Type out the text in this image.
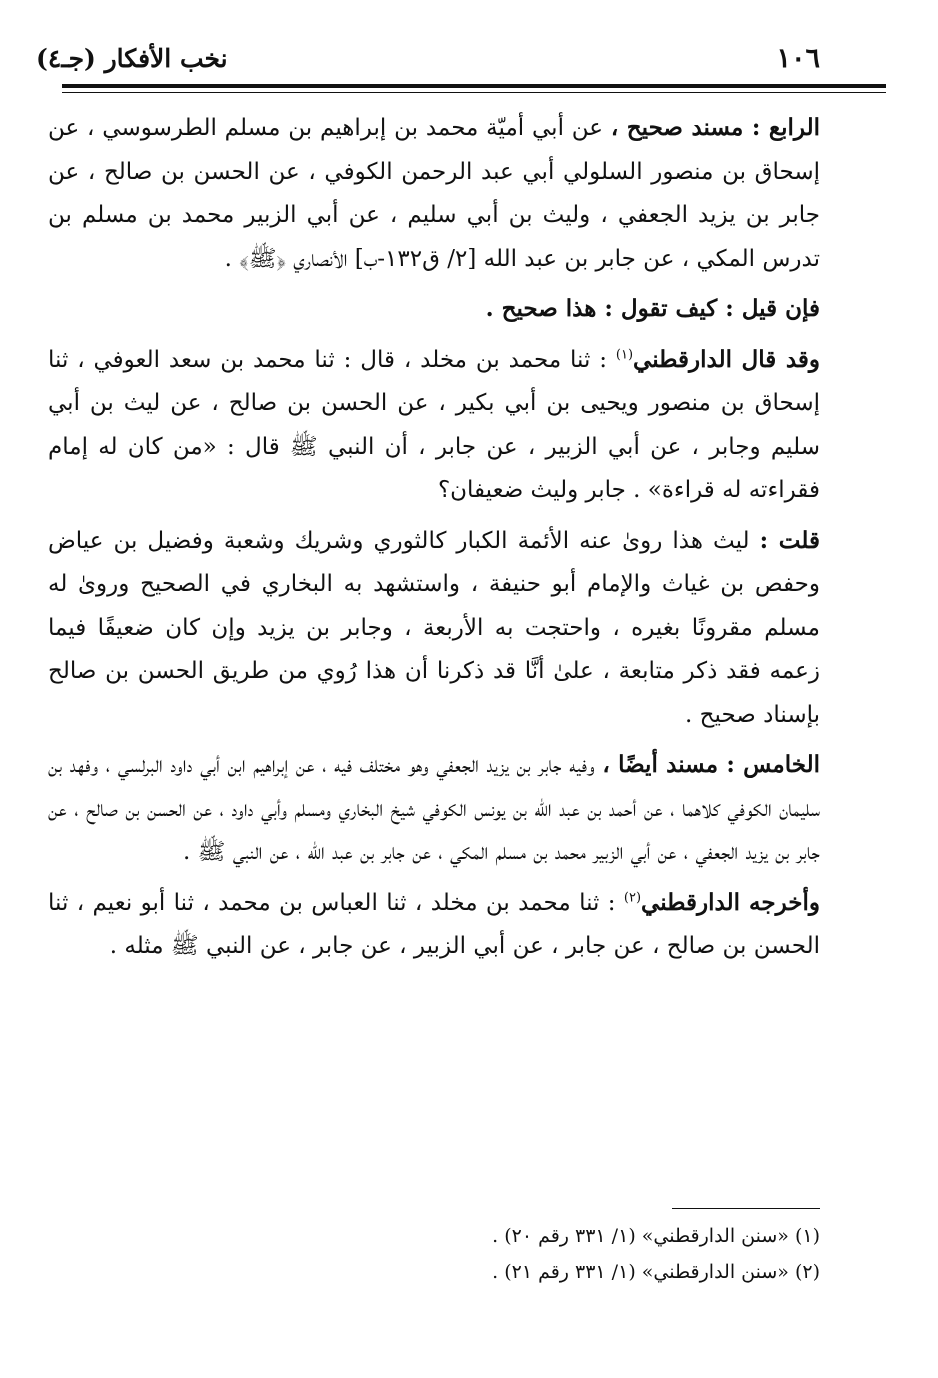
١٠٦
نخب الأفكار (جـ٤)

الرابع : مسند صحيح ، عن أبي أميّة محمد بن إبراهيم بن مسلم الطرسوسي ، عن إسحاق بن منصور السلولي أبي عبد الرحمن الكوفي ، عن الحسن بن صالح ، عن جابر بن يزيد الجعفي ، وليث بن أبي سليم ، عن أبي الزبير محمد بن مسلم بن تدرس المكي ، عن جابر بن عبد الله [٢/ ق١٣٢-ب] الأنصاري ﴿ﷺ﴾ .

فإن قيل : كيف تقول : هذا صحيح .

وقد قال الدارقطني$^{(١)}$ : ثنا محمد بن مخلد ، قال : ثنا محمد بن سعد العوفي ، ثنا إسحاق بن منصور ويحيى بن أبي بكير ، عن الحسن بن صالح ، عن ليث بن أبي سليم وجابر ، عن أبي الزبير ، عن جابر ، أن النبي ﷺ قال : «من كان له إمام فقراءته له قراءة» . جابر وليث ضعيفان؟

قلت : ليث هذا روىٰ عنه الأئمة الكبار كالثوري وشريك وشعبة وفضيل بن عياض وحفص بن غياث والإمام أبو حنيفة ، واستشهد به البخاري في الصحيح وروىٰ له مسلم مقرونًا بغيره ، واحتجت به الأربعة ، وجابر بن يزيد وإن كان ضعيفًا فيما زعمه فقد ذكر متابعة ، علىٰ أنَّا قد ذكرنا أن هذا رُوي من طريق الحسن بن صالح بإسناد صحيح .

الخامس : مسند أيضًا ، وفيه جابر بن يزيد الجعفي وهو مختلف فيه ، عن إبراهيم ابن أبي داود البرلسي ، وفهد بن سليمان الكوفي كلاهما ، عن أحمد بن عبد الله بن يونس الكوفي شيخ البخاري ومسلم وأبي داود ، عن الحسن بن صالح ، عن جابر بن يزيد الجعفي ، عن أبي الزبير محمد بن مسلم المكي ، عن جابر بن عبد الله ، عن النبي ﷺ .

وأخرجه الدارقطني$^{(٢)}$ : ثنا محمد بن مخلد ، ثنا العباس بن محمد ، ثنا أبو نعيم ، ثنا الحسن بن صالح ، عن جابر ، عن أبي الزبير ، عن جابر ، عن النبي ﷺ مثله .

(١) «سنن الدارقطني» (١/ ٣٣١ رقم ٢٠) .
(٢) «سنن الدارقطني» (١/ ٣٣١ رقم ٢١) .
